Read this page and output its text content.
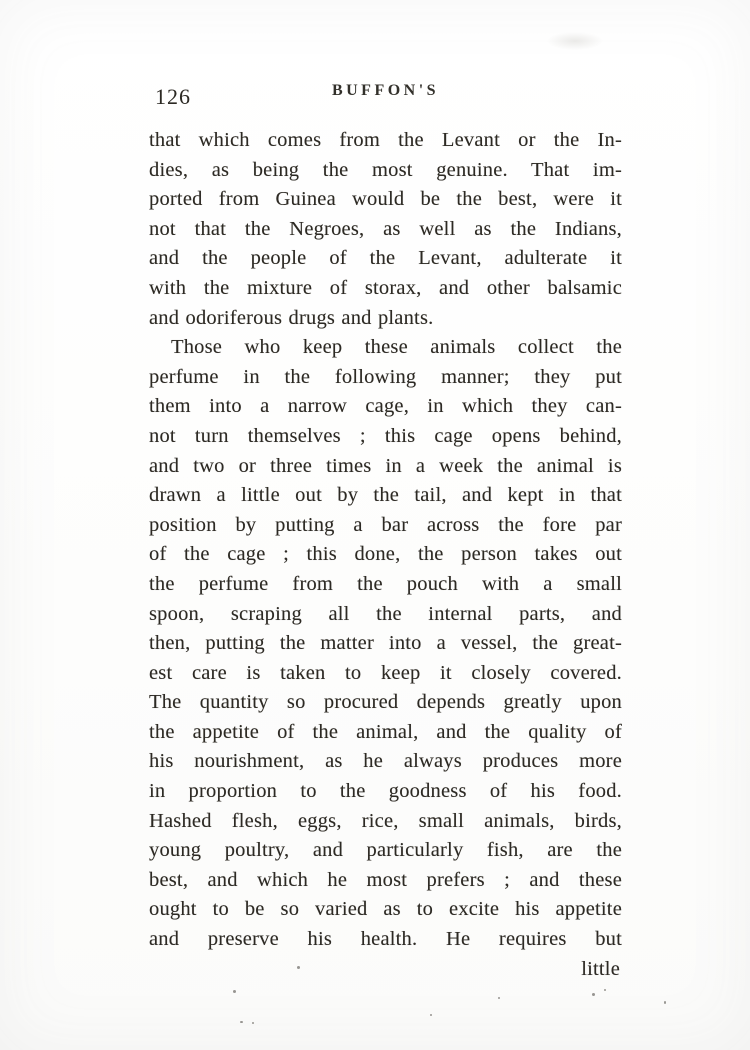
126	BUFFON'S
that which comes from the Levant or the In-
dies, as being the most genuine. That im-
ported from Guinea would be the best, were it
not that the Negroes, as well as the Indians,
and the people of the Levant, adulterate it
with the mixture of storax, and other balsamic
and odoriferous drugs and plants.
Those who keep these animals collect the
perfume in the following manner; they put
them into a narrow cage, in which they can-
not turn themselves ; this cage opens behind,
and two or three times in a week the animal is
drawn a little out by the tail, and kept in that
position by putting a bar across the fore par
of the cage ; this done, the person takes out
the perfume from the pouch with a small
spoon, scraping all the internal parts, and
then, putting the matter into a vessel, the great-
est care is taken to keep it closely covered.
The quantity so procured depends greatly upon
the appetite of the animal, and the quality of
his nourishment, as he always produces more
in proportion to the goodness of his food.
Hashed flesh, eggs, rice, small animals, birds,
young poultry, and particularly fish, are the
best, and which he most prefers ; and these
ought to be so varied as to excite his appetite
and preserve his health. He requires but
little
